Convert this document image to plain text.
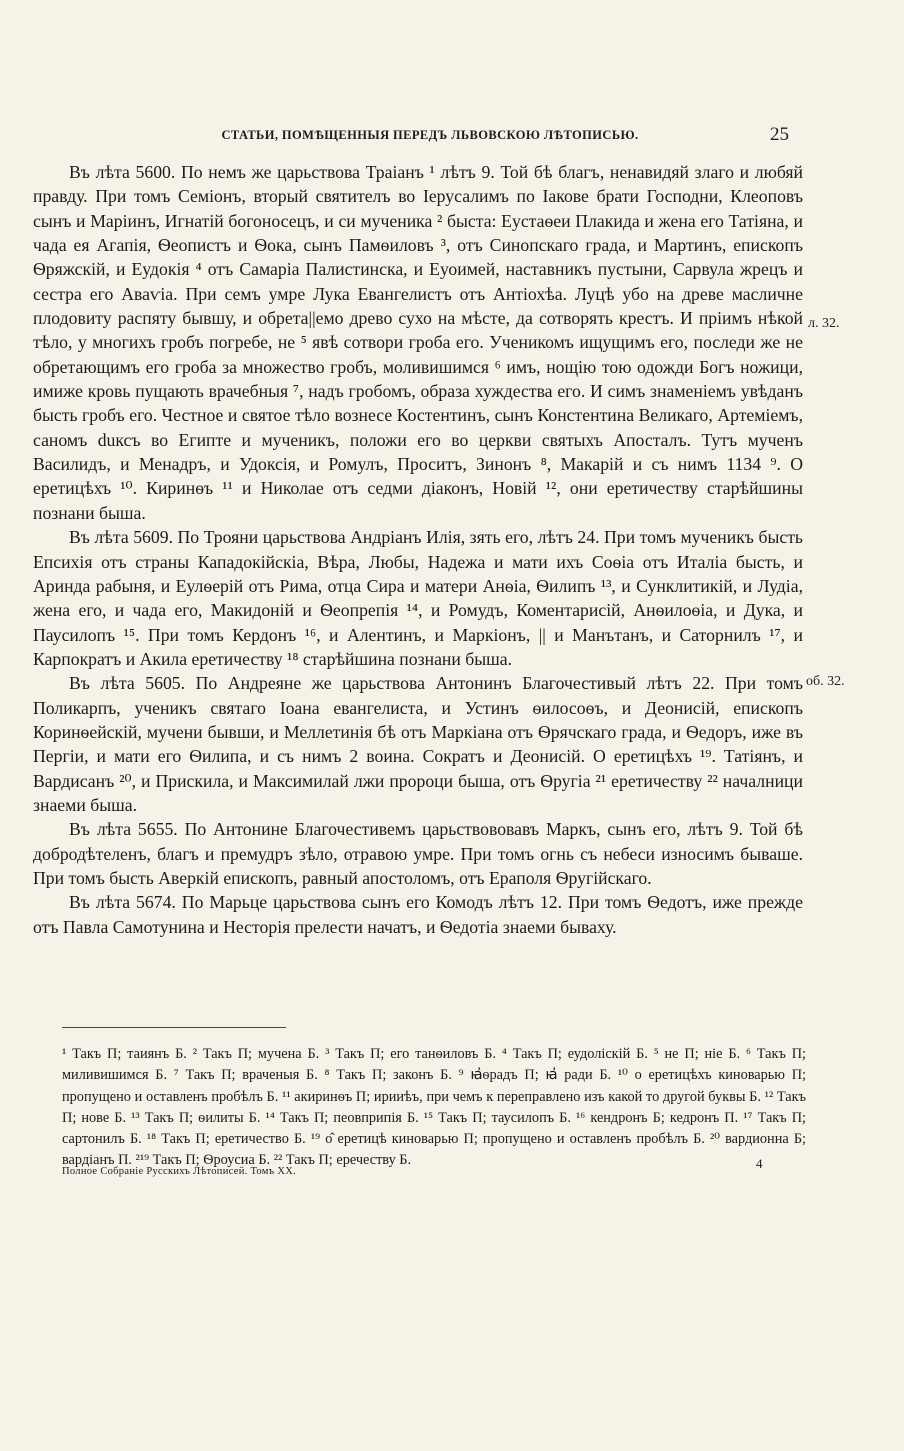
СТАТЬИ, ПОМѢЩЕННЫЯ ПЕРЕДЪ ЛЬВОВСКОЮ ЛѢТОПИСЬЮ.	25

Въ лѣта 5600. По немъ же царьствова Траіанъ ¹ лѣтъ 9. Той бѣ благъ, ненавидяй злаго и любяй правду. При томъ Семіонъ, вторый святителъ во Іерусалимъ по Іакове брати Господни, Клеоповъ сынъ и Маріинъ, Игнатій богоносецъ, и си мученика ² быста: Еустаѳеи Плакида и жена его Татіяна, и чада ея Агапія, Ѳеопистъ и Ѳока, сынъ Памѳиловъ ³, отъ Синопскаго града, и Мартинъ, епископъ Ѳряжскій, и Еудокія ⁴ отъ Самаріа Палистинска, и Еуоимей, наставникъ пустыни, Сарвула жрецъ и сестра его Аваѵіа. При семъ умре Лука Евангелистъ отъ Антіохѣа. Луцѣ убо на древе масличне плодовиту распяту бывшу, и обрета||емо древо сухо на мѣсте, да сотворять крестъ. И пріимъ нѣкой тѣло, у многихъ гробъ погребе, не ⁵ явѣ сотвори гроба его. Ученикомъ ищущимъ его, последи же не обретающимъ его гроба за множество гробъ, моливишимся ⁶ имъ, нощію тою одожди Богъ ножици, имиже кровь пущають врачебныя ⁷, надъ гробомъ, образа хуждества его. И симъ знаменіемъ увѣданъ бысть гробъ его. Честное и святое тѣло вознесе Костентинъ, сынъ Констентина Великаго, Артеміемъ, саномъ duксъ во Египте и мученикъ, положи его во церкви святыхъ Апосталъ. Тутъ мученъ Василидъ, и Менадръ, и Удоксія, и Ромулъ, Проситъ, Зинонъ ⁸, Макарій и съ нимъ 1134 ⁹. О еретицѣхъ ¹⁰. Киринѳъ ¹¹ и Николае отъ седми діаконъ, Новій ¹², они еретичеству старѣйшины познани быша.

Въ лѣта 5609. По Трояни царьствова Андріанъ Илія, зять его, лѣтъ 24. При томъ мученикъ бысть Епсихія отъ страны Кападокійскіа, Вѣра, Любы, Надежа и мати ихъ Соѳіа отъ Италіа бысть, и Аринда рабыня, и Еулѳерій отъ Рима, отца Сира и матери Анѳіа, Ѳилипъ ¹³, и Сунклитикій, и Лудіа, жена его, и чада его, Макидоній и Ѳеопрепія ¹⁴, и Ромудъ, Коментарисій, Анѳилоѳіа, и Дука, и Паусилопъ ¹⁵. При томъ Кердонъ ¹⁶, и Алентинъ, и Маркіонъ, || и Манътанъ, и Саторнилъ ¹⁷, и Карпократъ и Акила еретичеству ¹⁸ старѣйшина познани быша.

Въ лѣта 5605. По Андреяне же царьствова Антонинъ Благочестивый лѣтъ 22. При томъ Поликарпъ, ученикъ святаго Іоана евангелиста, и Устинъ ѳилосоѳъ, и Деонисій, епископъ Коринѳейскій, мучени бывши, и Меллетинія бѣ отъ Маркіана отъ Ѳрячскаго града, и Ѳедоръ, иже въ Пергіи, и мати его Ѳилипа, и съ нимъ 2 воина. Сократъ и Деонисій. О еретицѣхъ ¹⁹. Татіянъ, и Вардисанъ ²⁰, и Прискила, и Максимилай лжи пророци быша, отъ Ѳругіа ²¹ еретичеству ²² началници знаеми быша.

Въ лѣта 5655. По Антонине Благочестивемъ царьствововавъ Маркъ, сынъ его, лѣтъ 9. Той бѣ добродѣтеленъ, благъ и премудръ зѣло, отравою умре. При томъ огнь съ небеси износимъ бываше. При томъ бысть Аверкій епископъ, равный апостоломъ, отъ Ераполя Ѳругійскаго.

Въ лѣта 5674. По Марьце царьствова сынъ его Комодъ лѣтъ 12. При томъ Ѳедотъ, иже прежде отъ Павла Самотунина и Несторія прелести начатъ, и Ѳедотіа знаеми бываху.

л. 32.
об. 32.
¹ Такъ П; таиянъ Б. ² Такъ П; мучена Б. ³ Такъ П; его танѳиловъ Б. ⁴ Такъ П; еудоліскій Б. ⁵ не П; ніе Б. ⁶ Такъ П; миливишимся Б. ⁷ Такъ П; враченыя Б. ⁸ Такъ П; законъ Б. ⁹ ꙗ҆ѳрадъ П; ꙗ҆ ради Б. ¹⁰ о еретицѣхъ киноварью П; пропущено и оставленъ пробѣлъ Б. ¹¹ акиринѳъ П; ирииѣъ, при чемъ к переправлено изъ какой то другой буквы Б. ¹² Такъ П; нове Б. ¹³ Такъ П; ѳилиты Б. ¹⁴ Такъ П; пеовприпія Б. ¹⁵ Такъ П; таусилопъ Б. ¹⁶ кендронъ Б; кедронъ П. ¹⁷ Такъ П; сартонилъ Б. ¹⁸ Такъ П; еретичество Б. ¹⁹ о̂ еретицѣ киноварью П; пропущено и оставленъ пробѣлъ Б. ²⁰ вардионна Б; вардіанъ П. ²¹⁹ Такъ П; Ѳроусиа Б. ²² Такъ П; еречеству Б.
Полное Собраніе Русскихъ Лѣтописей. Томъ XX.
4
